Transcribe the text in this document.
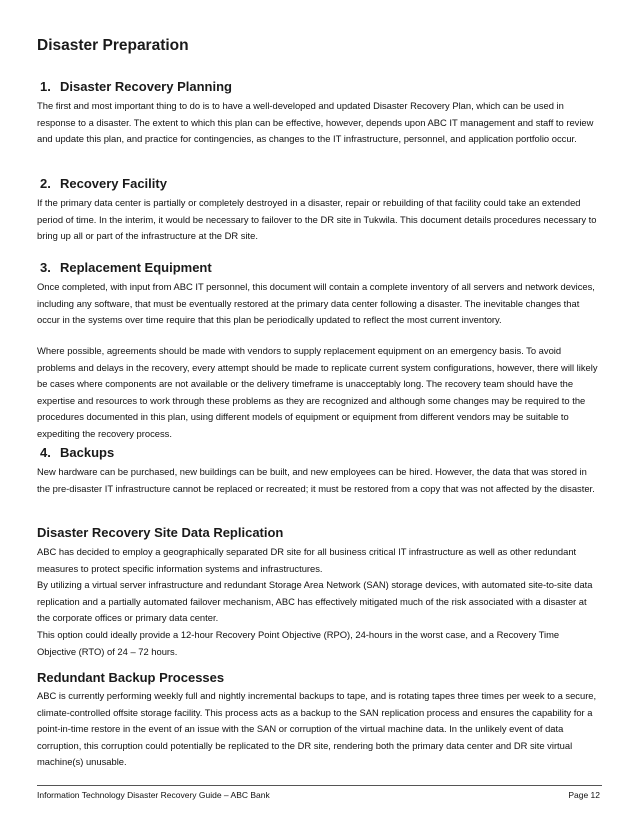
Disaster Preparation
1. Disaster Recovery Planning

The first and most important thing to do is to have a well-developed and updated Disaster Recovery Plan, which can be used in response to a disaster. The extent to which this plan can be effective, however, depends upon ABC IT management and staff to review and update this plan, and practice for contingencies, as changes to the IT infrastructure, personnel, and application portfolio occur.

2. Recovery Facility

If the primary data center is partially or completely destroyed in a disaster, repair or rebuilding of that facility could take an extended period of time. In the interim, it would be necessary to failover to the DR site in Tukwila. This document details procedures necessary to bring up all or part of the infrastructure at the DR site.

3. Replacement Equipment

Once completed, with input from ABC IT personnel, this document will contain a complete inventory of all servers and network devices, including any software, that must be eventually restored at the primary data center following a disaster. The inevitable changes that occur in the systems over time require that this plan be periodically updated to reflect the most current inventory.

Where possible, agreements should be made with vendors to supply replacement equipment on an emergency basis. To avoid problems and delays in the recovery, every attempt should be made to replicate current system configurations, however, there will likely be cases where components are not available or the delivery timeframe is unacceptably long. The recovery team should have the expertise and resources to work through these problems as they are recognized and although some changes may be required to the procedures documented in this plan, using different models of equipment or equipment from different vendors may be suitable to expediting the recovery process.

4. Backups

New hardware can be purchased, new buildings can be built, and new employees can be hired. However, the data that was stored in the pre-disaster IT infrastructure cannot be replaced or recreated; it must be restored from a copy that was not affected by the disaster.

Disaster Recovery Site Data Replication

ABC has decided to employ a geographically separated DR site for all business critical IT infrastructure as well as other redundant measures to protect specific information systems and infrastructures.

By utilizing a virtual server infrastructure and redundant Storage Area Network (SAN) storage devices, with automated site-to-site data replication and a partially automated failover mechanism, ABC has effectively mitigated much of the risk associated with a disaster at the corporate offices or primary data center.

This option could ideally provide a 12-hour Recovery Point Objective (RPO), 24-hours in the worst case, and a Recovery Time Objective (RTO) of 24 – 72 hours.

Redundant Backup Processes

ABC is currently performing weekly full and nightly incremental backups to tape, and is rotating tapes three times per week to a secure, climate-controlled offsite storage facility. This process acts as a backup to the SAN replication process and ensures the capability for a point-in-time restore in the event of an issue with the SAN or corruption of the virtual machine data. In the unlikely event of data corruption, this corruption could potentially be replicated to the DR site, rendering both the primary data center and DR site virtual machine(s) unusable.

Information Technology Disaster Recovery Guide – ABC Bank	Page 12
